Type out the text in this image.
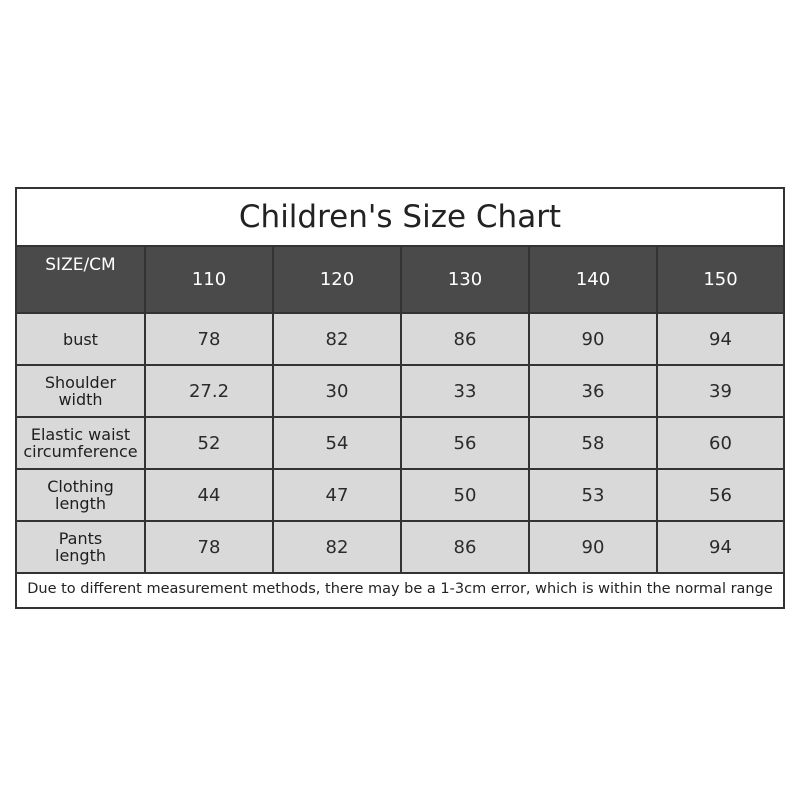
Children's Size Chart
SIZE/CM	110	120	130	140	150

bust	78	82	86	90	94

Shoulder
width	27.2	30	33	36	39

Elastic waist
circumference	52	54	56	58	60

Clothing
length	44	47	50	53	56

Pants
length	78	82	86	90	94
Due to different measurement methods, there may be a 1-3cm error, which is within the normal range
